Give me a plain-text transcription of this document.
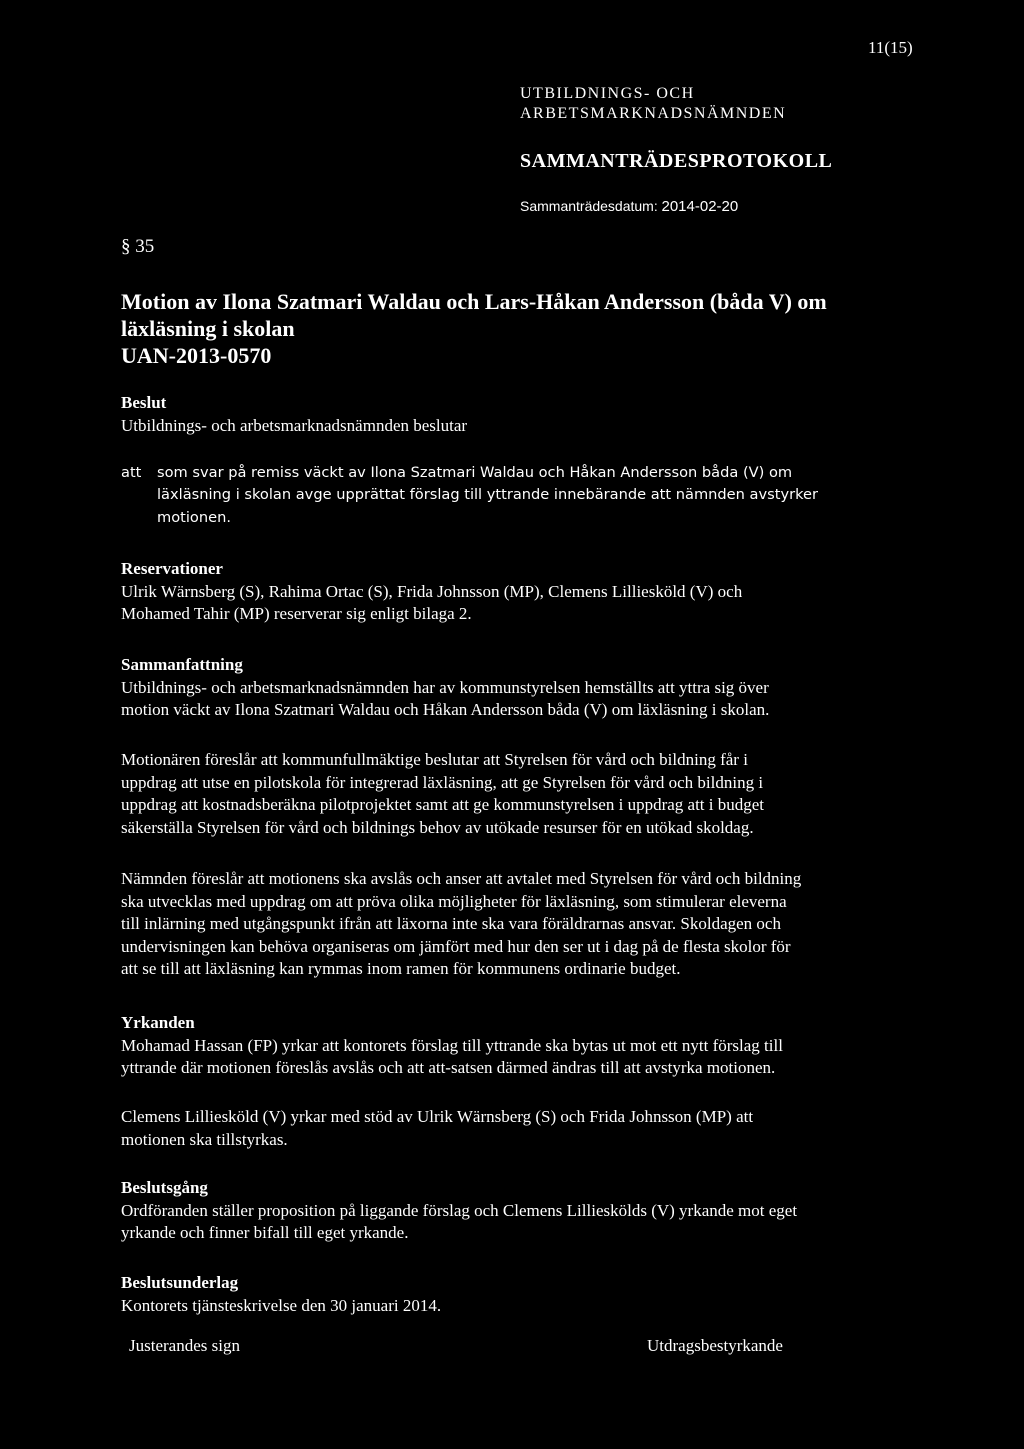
11(15)
UTBILDNINGS- OCH
ARBETSMARKNADSNÄMNDEN
SAMMANTRÄDESPROTOKOLL
Sammanträdesdatum: 2014-02-20
§ 35
Motion av Ilona Szatmari Waldau och Lars-Håkan Andersson (båda V) om
läxläsning i skolan
UAN-2013-0570

Beslut

Utbildnings- och arbetsmarknadsnämnden beslutar

att som svar på remiss väckt av Ilona Szatmari Waldau och Håkan Andersson båda (V) om
läxläsning i skolan avge upprättat förslag till yttrande innebärande att nämnden avstyrker
motionen.

Reservationer

Ulrik Wärnsberg (S), Rahima Ortac (S), Frida Johnsson (MP), Clemens Lilliesköld (V) och

Mohamed Tahir (MP) reserverar sig enligt bilaga 2.

Sammanfattning

Utbildnings- och arbetsmarknadsnämnden har av kommunstyrelsen hemställts att yttra sig över

motion väckt av Ilona Szatmari Waldau och Håkan Andersson båda (V) om läxläsning i skolan.

Motionären föreslår att kommunfullmäktige beslutar att Styrelsen för vård och bildning får i

uppdrag att utse en pilotskola för integrerad läxläsning, att ge Styrelsen för vård och bildning i

uppdrag att kostnadsberäkna pilotprojektet samt att ge kommunstyrelsen i uppdrag att i budget

säkerställa Styrelsen för vård och bildnings behov av utökade resurser för en utökad skoldag.

Nämnden föreslår att motionens ska avslås och anser att avtalet med Styrelsen för vård och bildning

ska utvecklas med uppdrag om att pröva olika möjligheter för läxläsning, som stimulerar eleverna

till inlärning med utgångspunkt ifrån att läxorna inte ska vara föräldrarnas ansvar. Skoldagen och

undervisningen kan behöva organiseras om jämfört med hur den ser ut i dag på de flesta skolor för

att se till att läxläsning kan rymmas inom ramen för kommunens ordinarie budget.

Yrkanden

Mohamad Hassan (FP) yrkar att kontorets förslag till yttrande ska bytas ut mot ett nytt förslag till

yttrande där motionen föreslås avslås och att att-satsen därmed ändras till att avstyrka motionen.

Clemens Lilliesköld (V) yrkar med stöd av Ulrik Wärnsberg (S) och Frida Johnsson (MP) att

motionen ska tillstyrkas.

Beslutsgång

Ordföranden ställer proposition på liggande förslag och Clemens Lillieskölds (V) yrkande mot eget

yrkande och finner bifall till eget yrkande.

Beslutsunderlag

Kontorets tjänsteskrivelse den 30 januari 2014.

Justerandes sign	Utdragsbestyrkande
